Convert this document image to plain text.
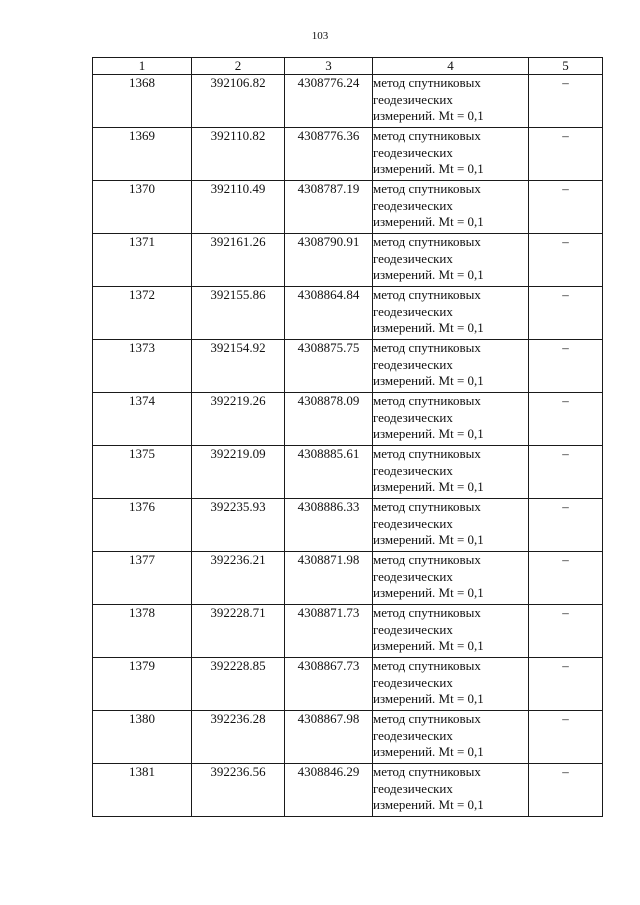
103
1	2	3	4	5
1368	392106.82	4308776.24	метод спутниковых
геодезических
измерений. Mt = 0,1	–
1369	392110.82	4308776.36	метод спутниковых
геодезических
измерений. Mt = 0,1	–
1370	392110.49	4308787.19	метод спутниковых
геодезических
измерений. Mt = 0,1	–
1371	392161.26	4308790.91	метод спутниковых
геодезических
измерений. Mt = 0,1	–
1372	392155.86	4308864.84	метод спутниковых
геодезических
измерений. Mt = 0,1	–
1373	392154.92	4308875.75	метод спутниковых
геодезических
измерений. Mt = 0,1	–
1374	392219.26	4308878.09	метод спутниковых
геодезических
измерений. Mt = 0,1	–
1375	392219.09	4308885.61	метод спутниковых
геодезических
измерений. Mt = 0,1	–
1376	392235.93	4308886.33	метод спутниковых
геодезических
измерений. Mt = 0,1	–
1377	392236.21	4308871.98	метод спутниковых
геодезических
измерений. Mt = 0,1	–
1378	392228.71	4308871.73	метод спутниковых
геодезических
измерений. Mt = 0,1	–
1379	392228.85	4308867.73	метод спутниковых
геодезических
измерений. Mt = 0,1	–
1380	392236.28	4308867.98	метод спутниковых
геодезических
измерений. Mt = 0,1	–
1381	392236.56	4308846.29	метод спутниковых
геодезических
измерений. Mt = 0,1	–
